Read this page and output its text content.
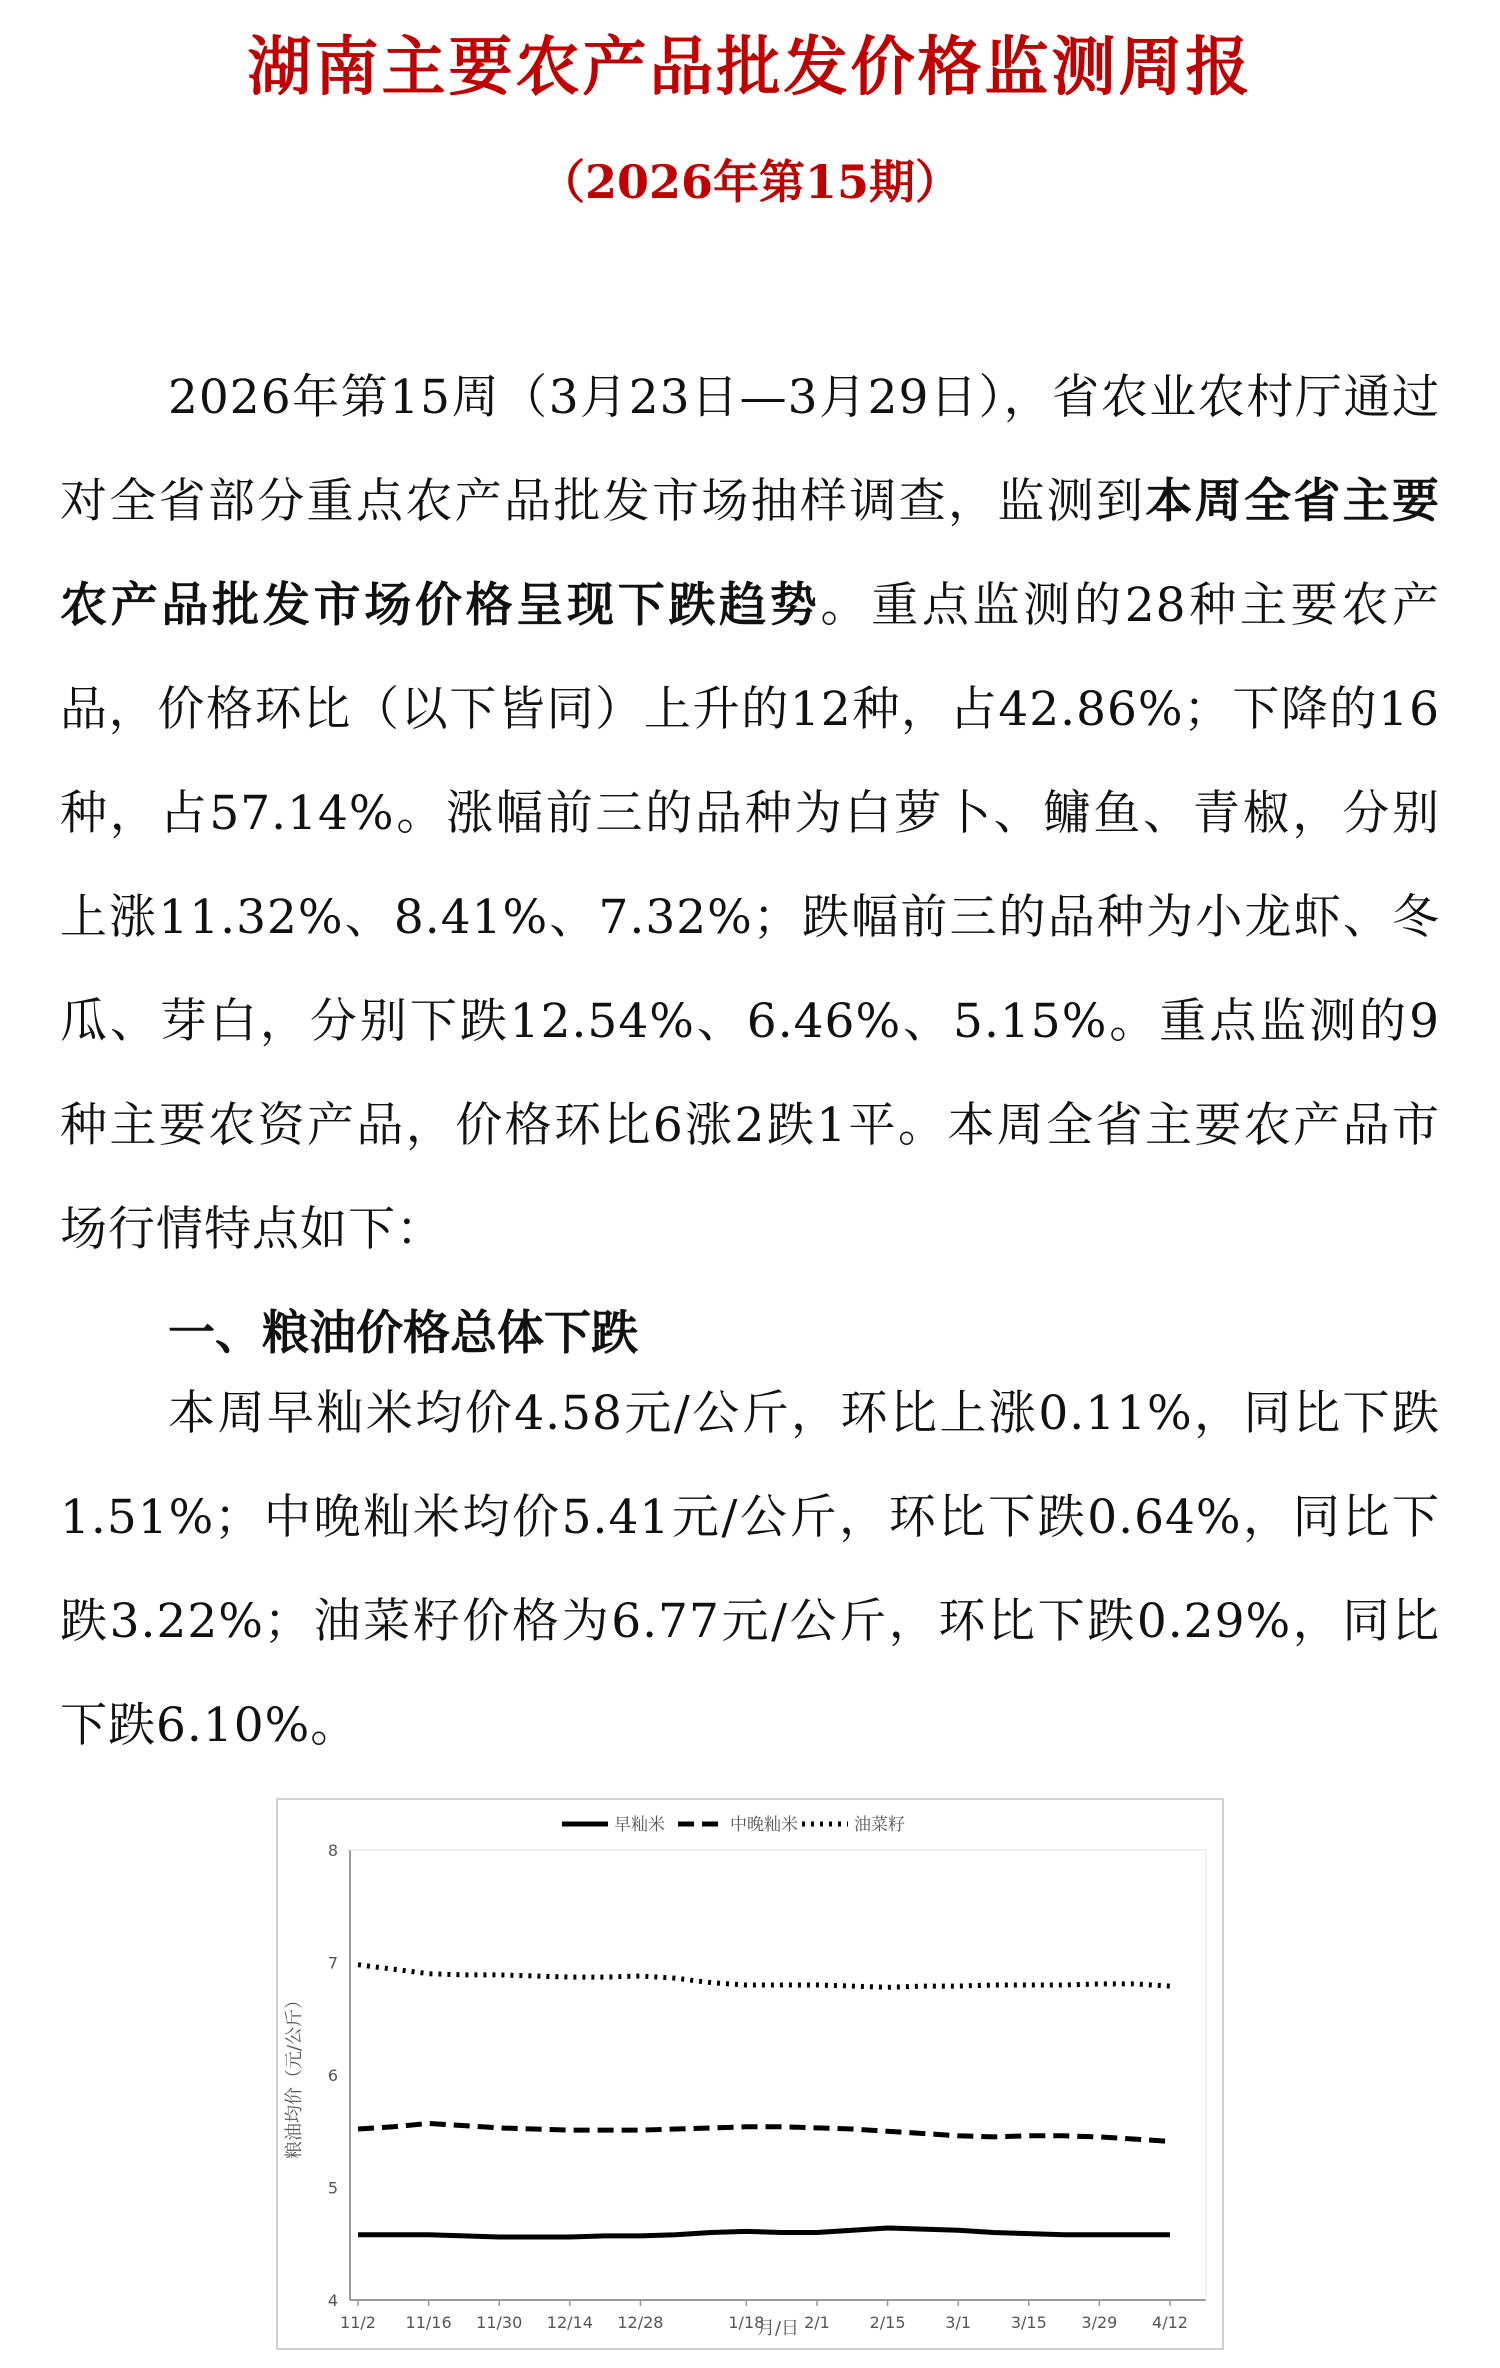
湖南主要农产品批发价格监测周报
（2026年第15期）

2026年第15周（3月23日—3月29日），省农业农村厅通过对全省部分重点农产品批发市场抽样调查，监测到本周全省主要农产品批发市场价格呈现下跌趋势。重点监测的28种主要农产品，价格环比（以下皆同）上升的12种，占42.86%；下降的16种，占57.14%。涨幅前三的品种为白萝卜、鳙鱼、青椒，分别上涨11.32%、8.41%、7.32%；跌幅前三的品种为小龙虾、冬瓜、芽白，分别下跌12.54%、6.46%、5.15%。重点监测的9种主要农资产品，价格环比6涨2跌1平。本周全省主要农产品市场行情特点如下：

一、粮油价格总体下跌

本周早籼米均价4.58元/公斤，环比上涨0.11%，同比下跌1.51%；中晚籼米均价5.41元/公斤，环比下跌0.64%，同比下跌3.22%；油菜籽价格为6.77元/公斤，环比下跌0.29%，同比下跌6.10%。

早籼米	中晚籼米	油菜籽
4
5
6
7
8
11/2 11/16 11/30 12/14 12/28	1/18 2/1 2/15 3/1 3/15 3/29 4/12
粮油均价（元/公斤）
月/日
